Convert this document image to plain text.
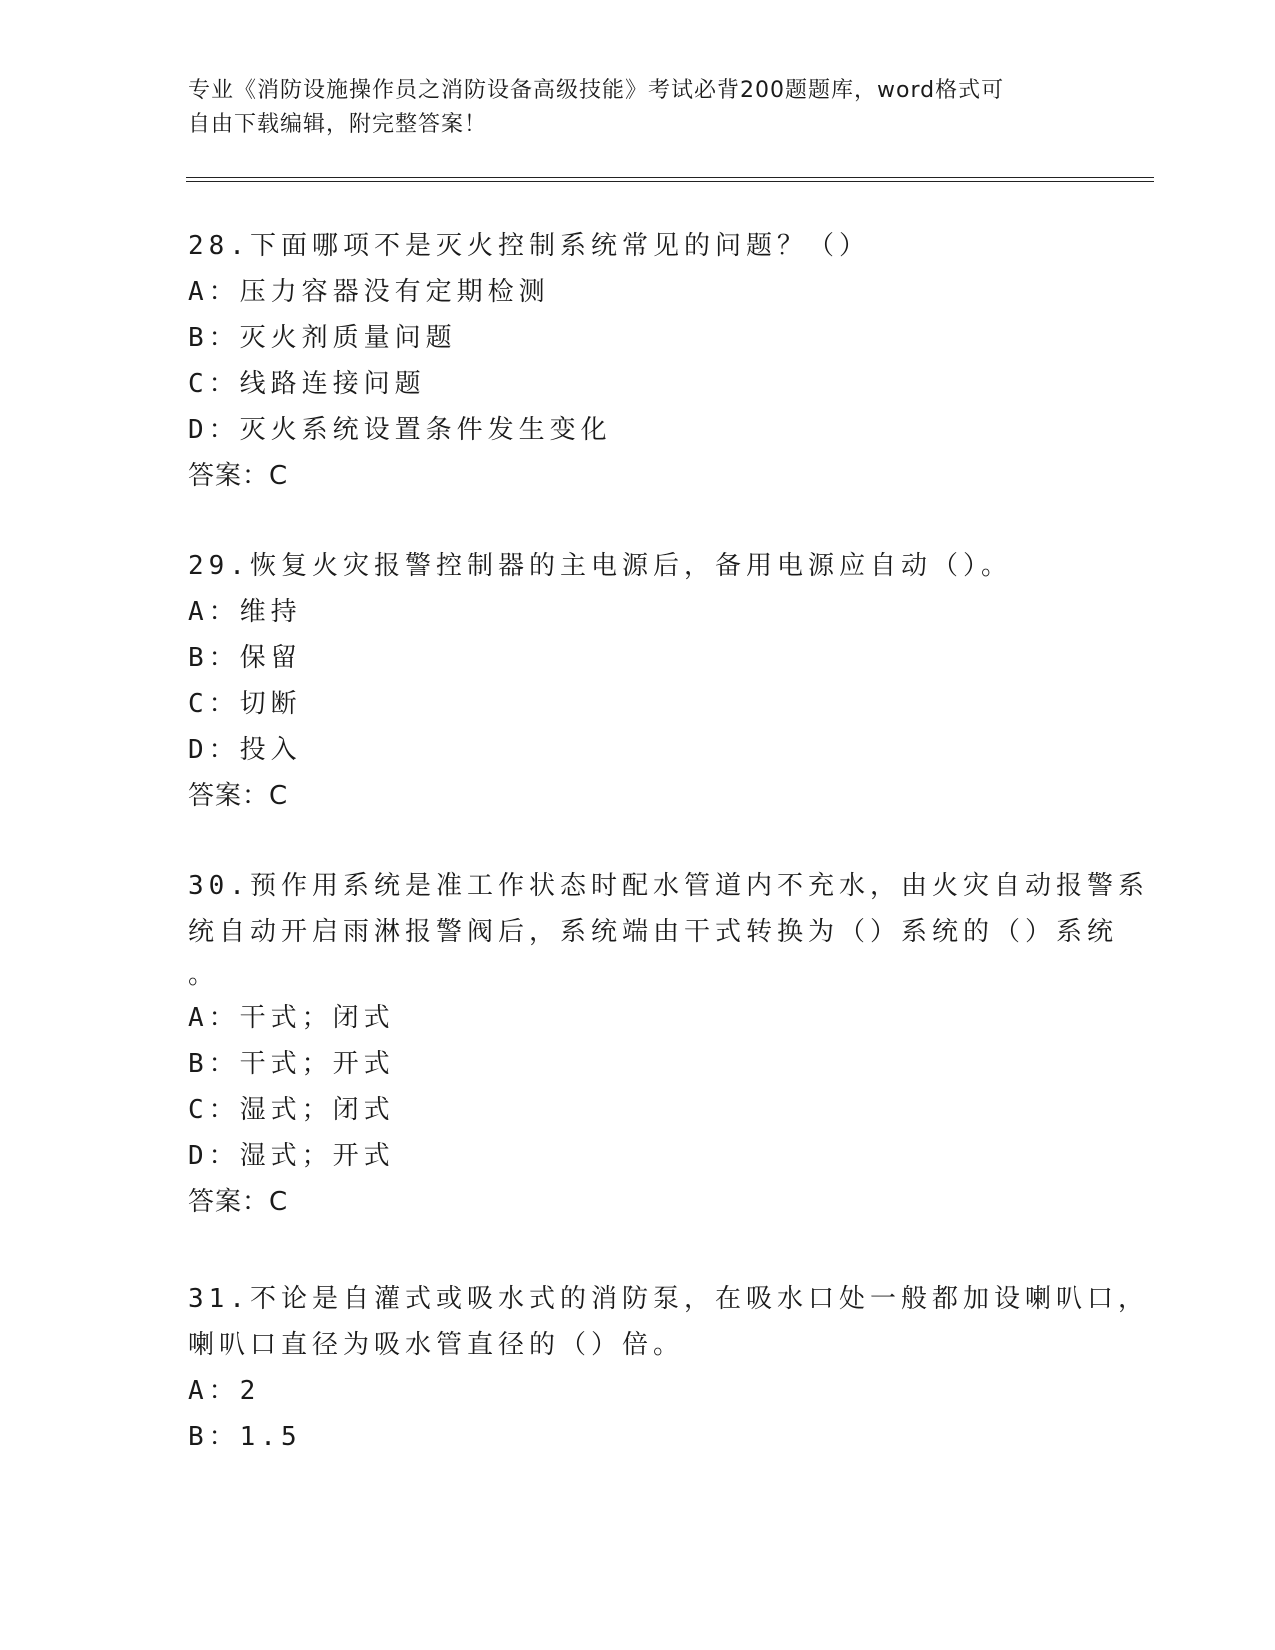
专业《消防设施操作员之消防设备高级技能》考试必背200题题库，word格式可
自由下载编辑，附完整答案！
28.下面哪项不是灭火控制系统常见的问题？（）
A：压力容器没有定期检测
B：灭火剂质量问题
C：线路连接问题
D：灭火系统设置条件发生变化
答案：C
29.恢复火灾报警控制器的主电源后，备用电源应自动（）。
A：维持
B：保留
C：切断
D：投入
答案：C
30.预作用系统是准工作状态时配水管道内不充水，由火灾自动报警系
统自动开启雨淋报警阀后，系统端由干式转换为（）系统的（）系统
。
A：干式；闭式
B：干式；开式
C：湿式；闭式
D：湿式；开式
答案：C
31.不论是自灌式或吸水式的消防泵，在吸水口处一般都加设喇叭口，
喇叭口直径为吸水管直径的（）倍。
A：2
B：1.5
